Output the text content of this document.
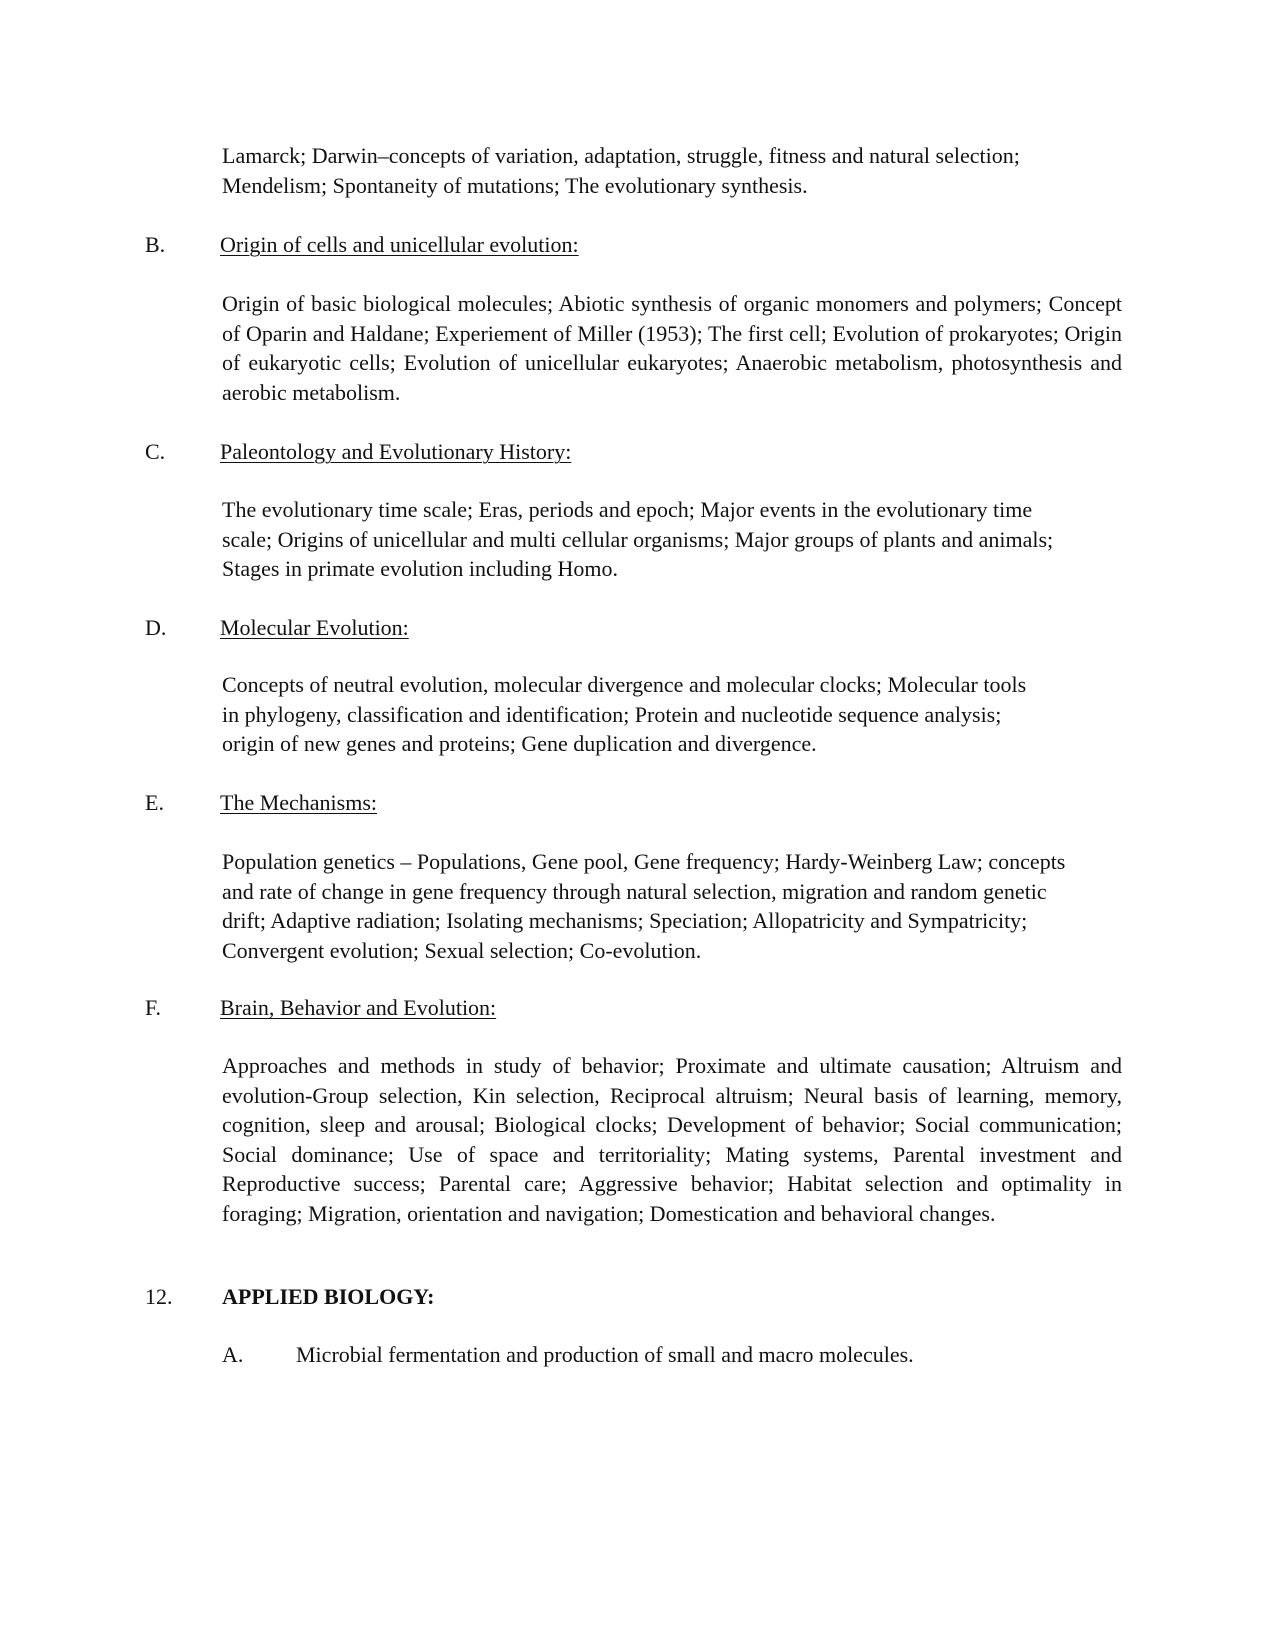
Lamarck; Darwin–concepts of variation, adaptation, struggle, fitness and natural selection; Mendelism; Spontaneity of mutations; The evolutionary synthesis.
B. Origin of cells and unicellular evolution:
Origin of basic biological molecules; Abiotic synthesis of organic monomers and polymers; Concept of Oparin and Haldane; Experiement of Miller (1953); The first cell; Evolution of prokaryotes; Origin of eukaryotic cells; Evolution of unicellular eukaryotes; Anaerobic metabolism, photosynthesis and aerobic metabolism.
C. Paleontology and Evolutionary History:
The evolutionary time scale; Eras, periods and epoch; Major events in the evolutionary time scale; Origins of unicellular and multi cellular organisms; Major groups of plants and animals; Stages in primate evolution including Homo.
D. Molecular Evolution:
Concepts of neutral evolution, molecular divergence and molecular clocks; Molecular tools in phylogeny, classification and identification; Protein and nucleotide sequence analysis; origin of new genes and proteins; Gene duplication and divergence.
E.	The Mechanisms:
Population genetics – Populations, Gene pool, Gene frequency; Hardy-Weinberg Law; concepts and rate of change in gene frequency through natural selection, migration and random genetic drift; Adaptive radiation; Isolating mechanisms; Speciation; Allopatricity and Sympatricity; Convergent evolution; Sexual selection; Co-evolution.
F.	Brain, Behavior and Evolution:
Approaches and methods in study of behavior; Proximate and ultimate causation; Altruism and evolution-Group selection, Kin selection, Reciprocal altruism; Neural basis of learning, memory, cognition, sleep and arousal; Biological clocks; Development of behavior; Social communication; Social dominance; Use of space and territoriality; Mating systems, Parental investment and Reproductive success; Parental care; Aggressive behavior; Habitat selection and optimality in foraging; Migration, orientation and navigation; Domestication and behavioral changes.
12. APPLIED BIOLOGY:
A. Microbial fermentation and production of small and macro molecules.
